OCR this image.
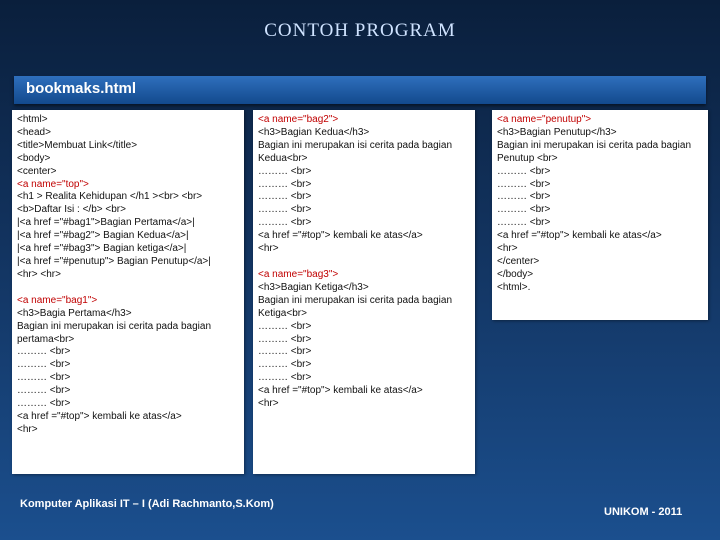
CONTOH PROGRAM
bookmaks.html
<html>
<head>
<title>Membuat Link</title>
<body>
<center>
<a name="top">
<h1 > Realita Kehidupan </h1 ><br> <br>
<b>Daftar Isi : </b> <br>
|<a href ="#bag1">Bagian Pertama</a>|
|<a href ="#bag2"> Bagian Kedua</a>|
|<a href ="#bag3"> Bagian ketiga</a>|
|<a href ="#penutup"> Bagian Penutup</a>|
<hr> <hr>
<a name="bag1">
<h3>Bagia Pertama</h3>
Bagian ini merupakan isi cerita pada bagian pertama<br>
……… <br>
……… <br>
……… <br>
……… <br>
……… <br>
<a href ="#top"> kembali ke atas</a>
<hr>
<a name="bag2">
<h3>Bagian Kedua</h3>
Bagian ini merupakan isi cerita pada bagian Kedua<br>
……… <br>
……… <br>
……… <br>
……… <br>
……… <br>
<a href ="#top"> kembali ke atas</a>
<hr>
<a name="bag3">
<h3>Bagian Ketiga</h3>
Bagian ini merupakan isi cerita pada bagian Ketiga<br>
……… <br>
……… <br>
……… <br>
……… <br>
……… <br>
<a href ="#top"> kembali ke atas</a>
<hr>
<a name="penutup">
<h3>Bagian Penutup</h3>
Bagian ini merupakan isi cerita pada bagian Penutup <br>
……… <br>
……… <br>
……… <br>
……… <br>
……… <br>
<a href ="#top"> kembali ke atas</a>
<hr>
</center>
</body>
<html>.
Komputer Aplikasi IT – I (Adi Rachmanto,S.Kom)
UNIKOM - 2011
